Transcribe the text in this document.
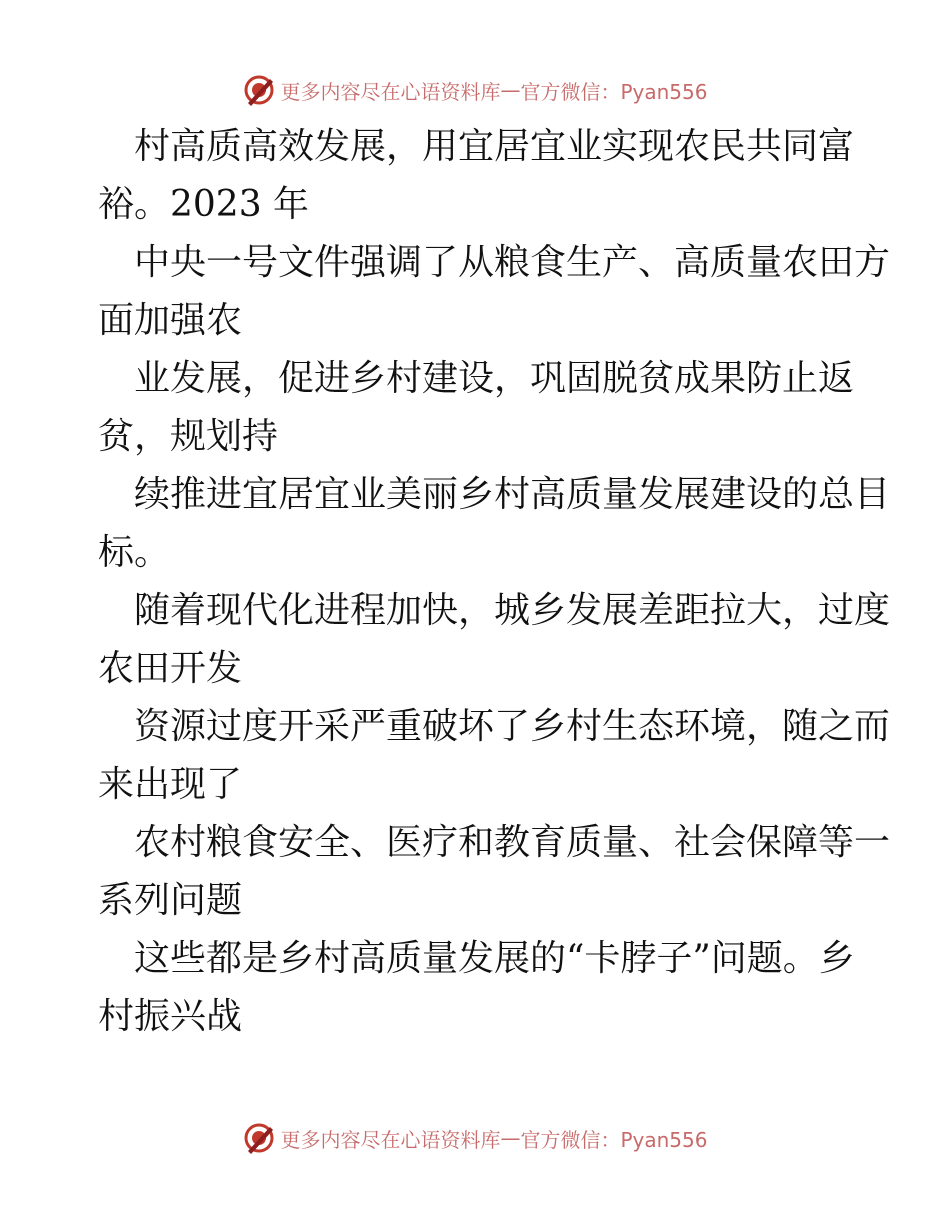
更多内容尽在心语资料库 — 官方微信：Pyan556

村高质高效发展，用宜居宜业实现农民共同富
裕。2023 年

中央一号文件强调了从粮食生产、高质量农田方
面加强农

业发展，促进乡村建设，巩固脱贫成果防止返
贫，规划持

续推进宜居宜业美丽乡村高质量发展建设的总目
标。

随着现代化进程加快，城乡发展差距拉大，过度
农田开发

资源过度开采严重破坏了乡村生态环境，随之而
来出现了

农村粮食安全、医疗和教育质量、社会保障等一
系列问题

这些都是乡村高质量发展的“卡脖子”问题。乡
村振兴战

更多内容尽在心语资料库 — 官方微信：Pyan556
